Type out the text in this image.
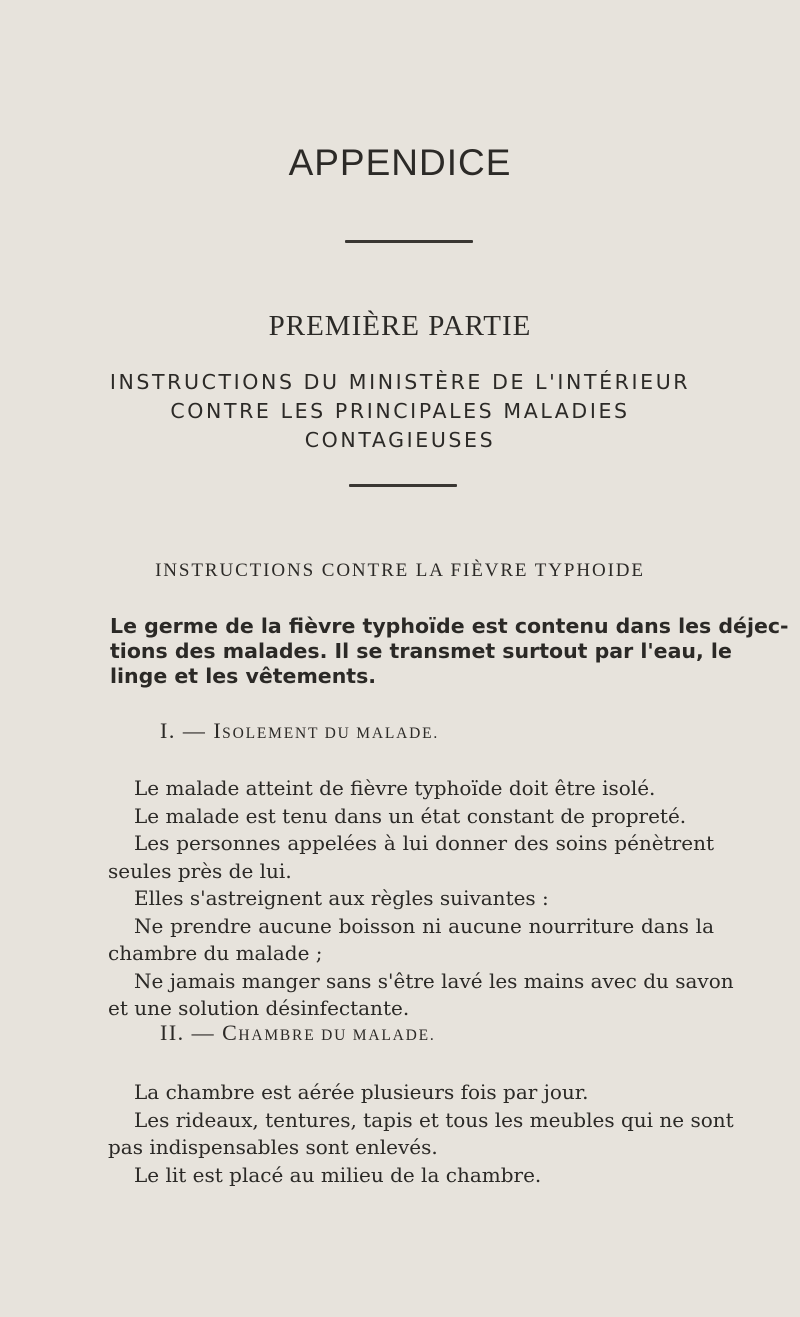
APPENDICE
PREMIÈRE PARTIE
INSTRUCTIONS DU MINISTÈRE DE L'INTÉRIEUR
CONTRE LES PRINCIPALES MALADIES
CONTAGIEUSES
INSTRUCTIONS CONTRE LA FIÈVRE TYPHOIDE
Le germe de la fièvre typhoïde est contenu dans les déjec-
tions des malades. Il se transmet surtout par l'eau, le
linge et les vêtements.
I. — ISOLEMENT DU MALADE.
Le malade atteint de fièvre typhoïde doit être isolé.
Le malade est tenu dans un état constant de propreté.
Les personnes appelées à lui donner des soins pénètrent
seules près de lui.
Elles s'astreignent aux règles suivantes :
Ne prendre aucune boisson ni aucune nourriture dans la
chambre du malade ;
Ne jamais manger sans s'être lavé les mains avec du savon
et une solution désinfectante.
II. — CHAMBRE DU MALADE.
La chambre est aérée plusieurs fois par jour.
Les rideaux, tentures, tapis et tous les meubles qui ne sont
pas indispensables sont enlevés.
Le lit est placé au milieu de la chambre.
